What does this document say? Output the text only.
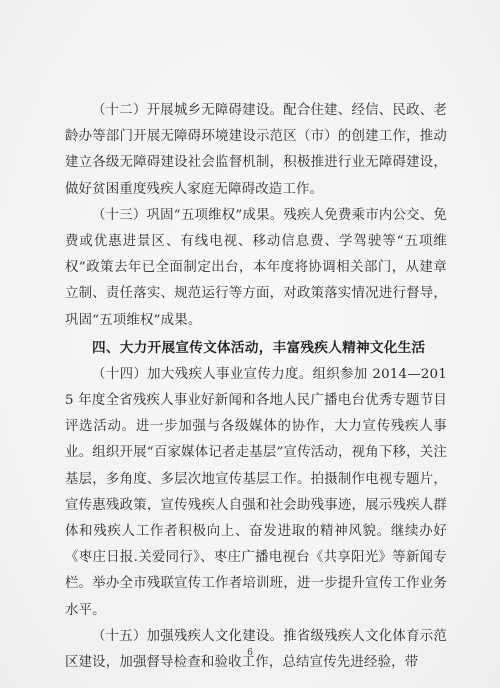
（十二）开展城乡无障碍建设。配合住建、经信、民政、老龄办等部门开展无障碍环境建设示范区（市）的创建工作，推动建立各级无障碍建设社会监督机制，积极推进行业无障碍建设，做好贫困重度残疾人家庭无障碍改造工作。

（十三）巩固“五项维权”成果。残疾人免费乘市内公交、免费或优惠进景区、有线电视、移动信息费、学驾驶等“五项维权”政策去年已全面制定出台，本年度将协调相关部门，从建章立制、责任落实、规范运行等方面，对政策落实情况进行督导，巩固“五项维权”成果。

四、大力开展宣传文体活动，丰富残疾人精神文化生活

（十四）加大残疾人事业宣传力度。组织参加 2014—2015 年度全省残疾人事业好新闻和各地人民广播电台优秀专题节目评选活动。进一步加强与各级媒体的协作，大力宣传残疾人事业。组织开展“百家媒体记者走基层”宣传活动，视角下移，关注基层，多角度、多层次地宣传基层工作。拍摄制作电视专题片，宣传惠残政策，宣传残疾人自强和社会助残事迹，展示残疾人群体和残疾人工作者积极向上、奋发进取的精神风貌。继续办好《枣庄日报.关爱同行》、枣庄广播电视台《共享阳光》等新闻专栏。举办全市残联宣传工作者培训班，进一步提升宣传工作业务水平。

（十五）加强残疾人文化建设。推省级残疾人文化体育示范区建设，加强督导检查和验收工作，总结宣传先进经验，带

6
